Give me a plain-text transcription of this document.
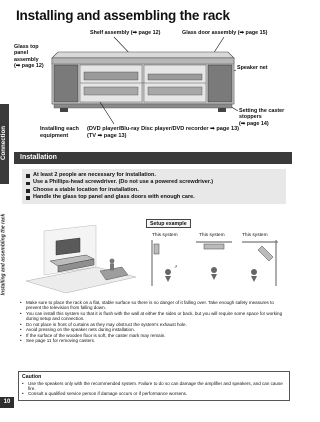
Connection
Installing and assembling the rack
10
Installing and assembling the rack
Shelf assembly (➡ page 12)	Glass door assembly (➡ page 15)
Glass top
panel
assembly
(➡ page 12)	Speaker net
Setting the caster
stoppers
(➡ page 14)
Installing each
equipment
(DVD player/Blu-ray Disc player/DVD recorder ➡ page 13)
(TV ➡ page 13)
Installation
At least 2 people are necessary for installation.
Use a Phillips-head screwdriver. (Do not use a powered screwdriver.)
Choose a stable location for installation.
Handle the glass top panel and glass doors with enough care.
Setup example
This system	This system	This system
↗
• Make sure to place the rack on a flat, stable surface so there is no danger of it falling over. Take enough safety measures to prevent the television from falling down.
• You can install this system so that it is flush with the wall at either the sides or back, but you will require some space for working during setup and connection.
• Do not place in front of curtains as they may obstruct the system's exhaust hole.
• Avoid pressing on the speaker nets during installation.
• If the surface of the wooden floor is soft, the caster mark may remain.
• See page 11 for removing casters.
Caution
• Use the speakers only with the recommended system. Failure to do so can damage the amplifier and speakers, and can cause fire.
• Consult a qualified service person if damage occurs or if performance worsens.
